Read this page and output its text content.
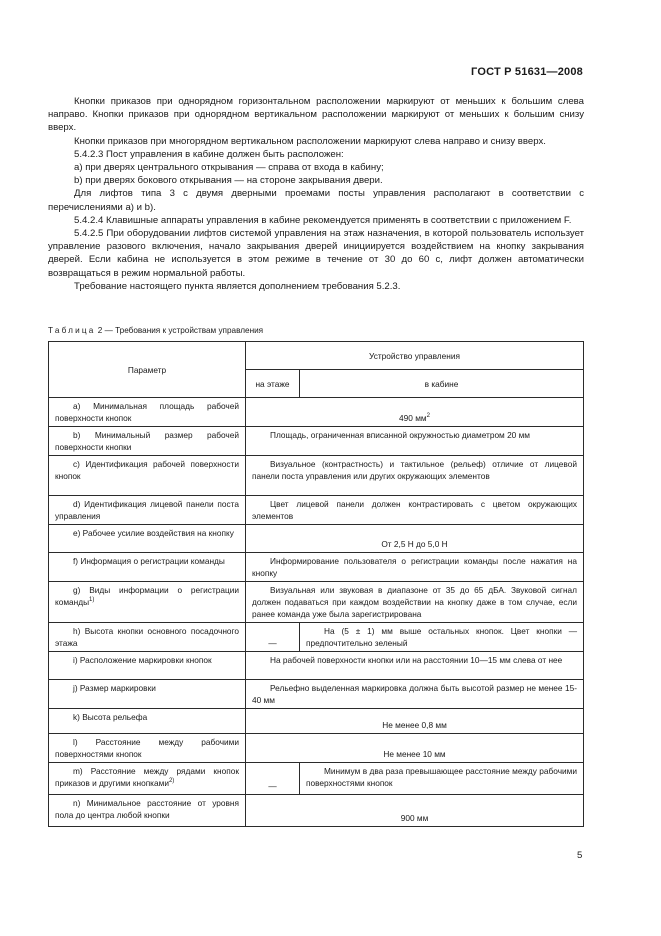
ГОСТ Р 51631—2008

Кнопки приказов при однорядном горизонтальном расположении маркируют от меньших к большим слева направо. Кнопки приказов при однорядном вертикальном расположении маркируют от меньших к большим снизу вверх.

Кнопки приказов при многорядном вертикальном расположении маркируют слева направо и снизу вверх.

5.4.2.3 Пост управления в кабине должен быть расположен:

а) при дверях центрального открывания — справа от входа в кабину;

b) при дверях бокового открывания — на стороне закрывания двери.

Для лифтов типа 3 с двумя дверными проемами посты управления располагают в соответствии с перечислениями а) и b).

5.4.2.4 Клавишные аппараты управления в кабине рекомендуется применять в соответствии с приложением F.

5.4.2.5 При оборудовании лифтов системой управления на этаж назначения, в которой пользователь использует управление разового включения, начало закрывания дверей инициируется воздействием на кнопку закрывания дверей. Если кабина не используется в этом режиме в течение от 30 до 60 с, лифт должен автоматически возвращаться в режим нормальной работы.

Требование настоящего пункта является дополнением требования 5.2.3.

Таблица 2 — Требования к устройствам управления
Параметр	Устройство управления	
	на этаже	в кабине
a) Минимальная площадь рабочей поверхности кнопок	490 $мм^2$
b) Минимальный размер рабочей поверхности кнопки	Площадь, ограниченная вписанной окружностью диаметром 20 мм	
c) Идентификация рабочей поверхности кнопок	Визуальное (контрастность) и тактильное (рельеф) отличие от лицевой панели поста управления или других окружающих элементов	
d) Идентификация лицевой панели поста управления	Цвет лицевой панели должен контрастировать с цветом окружающих элементов	
e) Рабочее усилие воздействия на кнопку	От 2,5 Н до 5,0 Н	
f) Информация о регистрации команды	Информирование пользователя о регистрации команды после нажатия на кнопку	
g) Виды информации о регистрации команды$^{1)}$	Визуальная или звуковая в диапазоне от 35 до 65 дБА. Звуковой сигнал должен подаваться при каждом воздействии на кнопку даже в том случае, если ранее команда уже была зарегистрирована	
h) Высота кнопки основного посадочного этажа	—	На (5 ± 1) мм выше остальных кнопок. Цвет кнопки — предпочтительно зеленый
i) Расположение маркировки кнопок	На рабочей поверхности кнопки или на расстоянии 10—15 мм слева от нее	
j) Размер маркировки	Рельефно выделенная маркировка должна быть высотой размер не менее 15-40 мм	
k) Высота рельефа	Не менее 0,8 мм	
l) Расстояние между рабочими поверхностями кнопок	Не менее 10 мм	
m) Расстояние между рядами кнопок приказов и другими кнопками$^{2)}$	—	Минимум в два раза превышающее расстояние между рабочими поверхностями кнопок
n) Минимальное расстояние от уровня пола до центра любой кнопки	900 мм	
5
